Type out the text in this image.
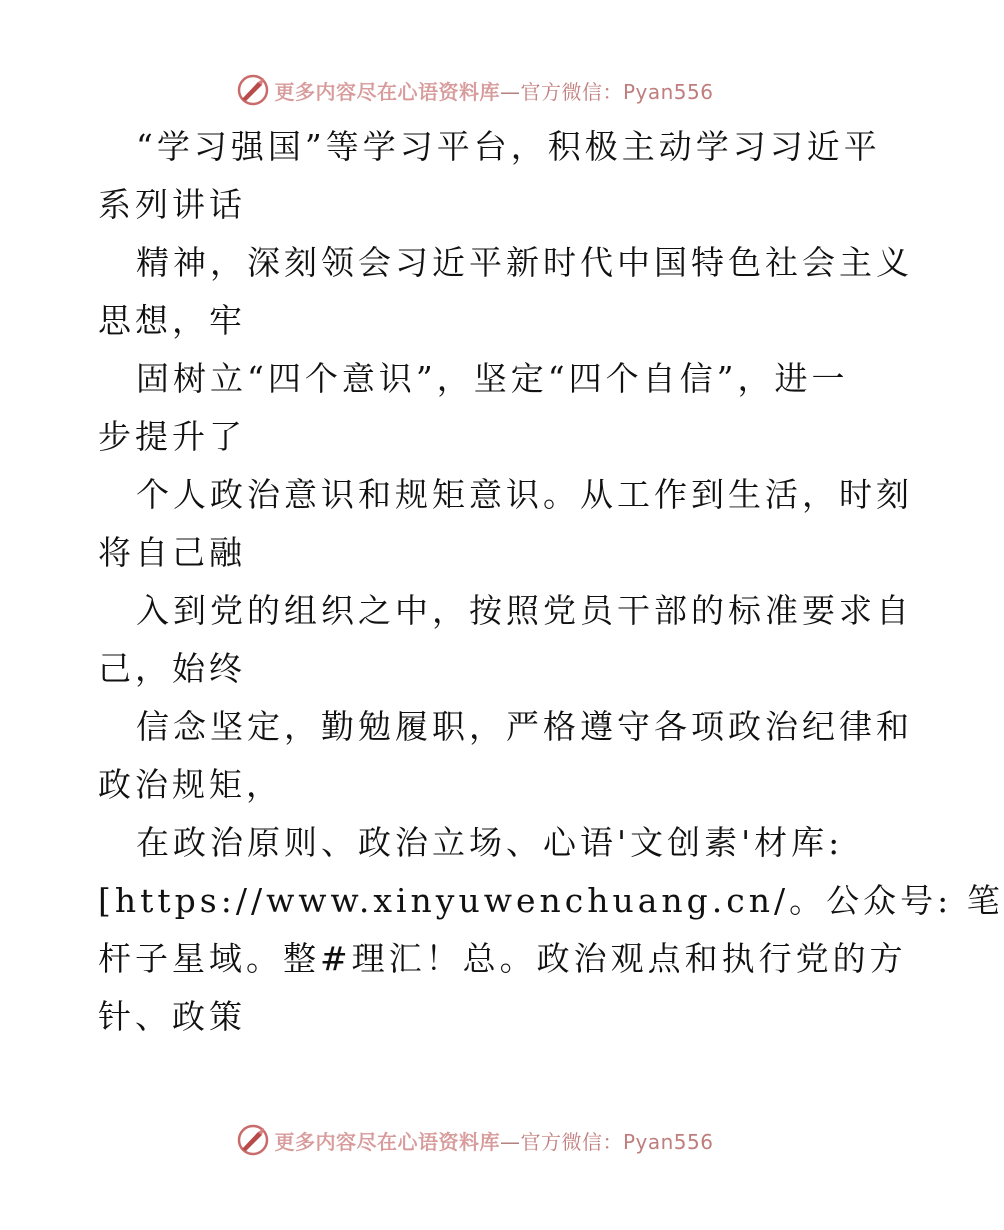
更多内容尽在心语资料库—官方微信：Pyan556
“学习强国”等学习平台，积极主动学习习近平
系列讲话
精神，深刻领会习近平新时代中国特色社会主义
思想，牢
固树立“四个意识”，坚定“四个自信”，进一
步提升了
个人政治意识和规矩意识。从工作到生活，时刻
将自己融
入到党的组织之中，按照党员干部的标准要求自
己，始终
信念坚定，勤勉履职，严格遵守各项政治纪律和
政治规矩，
在政治原则、政治立场、心语'文创素'材库:
[https://www.xinyuwenchuang.cn/。公众号: 笔
杆子星域。整#理汇！总。政治观点和执行党的方
针、政策
更多内容尽在心语资料库—官方微信：Pyan556
